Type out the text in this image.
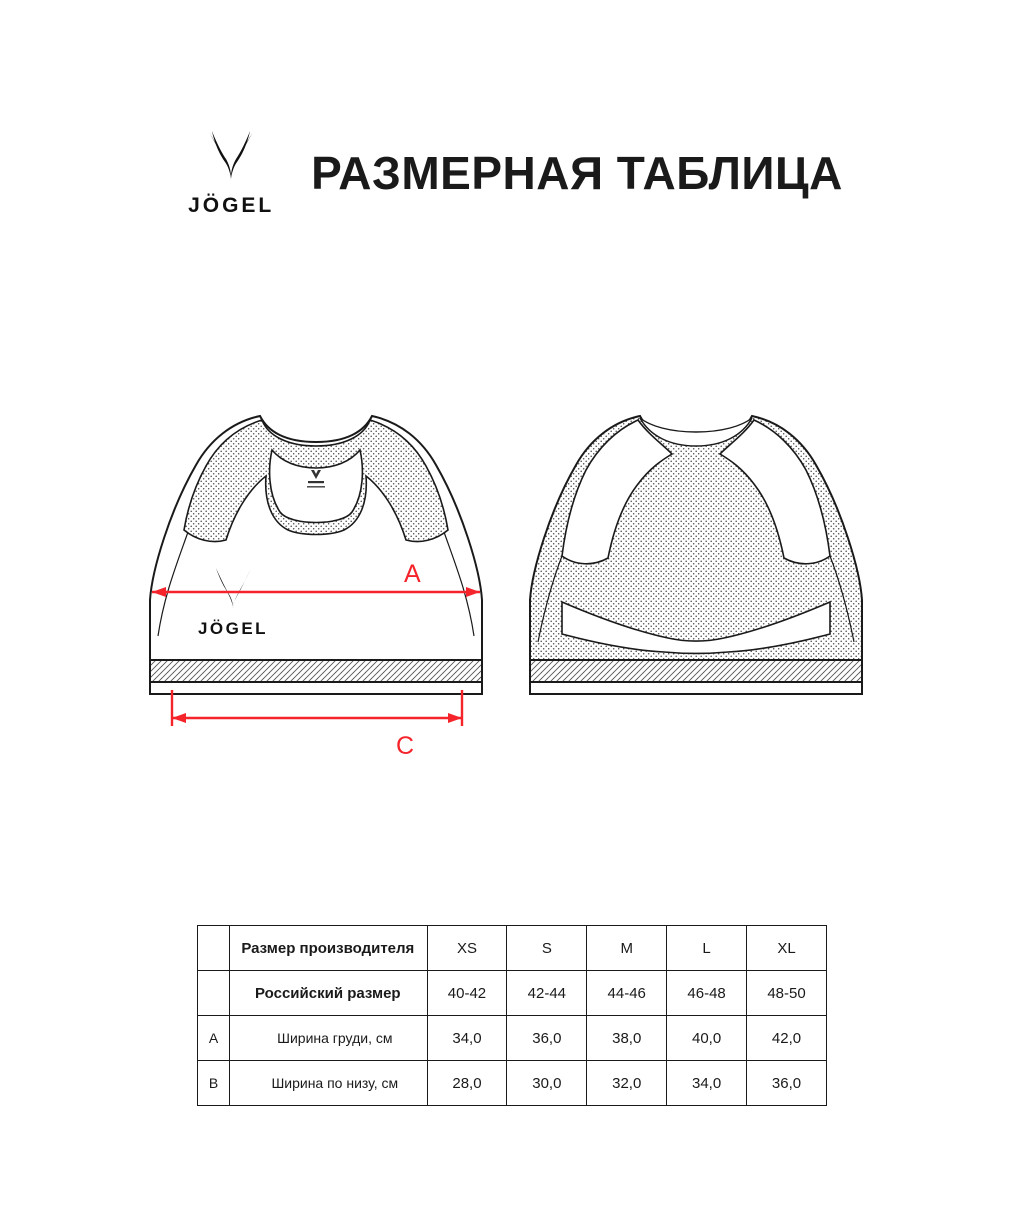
JÖGEL
РАЗМЕРНАЯ ТАБЛИЦА
JÖGEL
A
C
	Размер производителя	XS	S	M	L	XL
	Российский размер	40-42	42-44	44-46	46-48	48-50
A	Ширина груди, см	34,0	36,0	38,0	40,0	42,0
B	Ширина по низу, см	28,0	30,0	32,0	34,0	36,0
